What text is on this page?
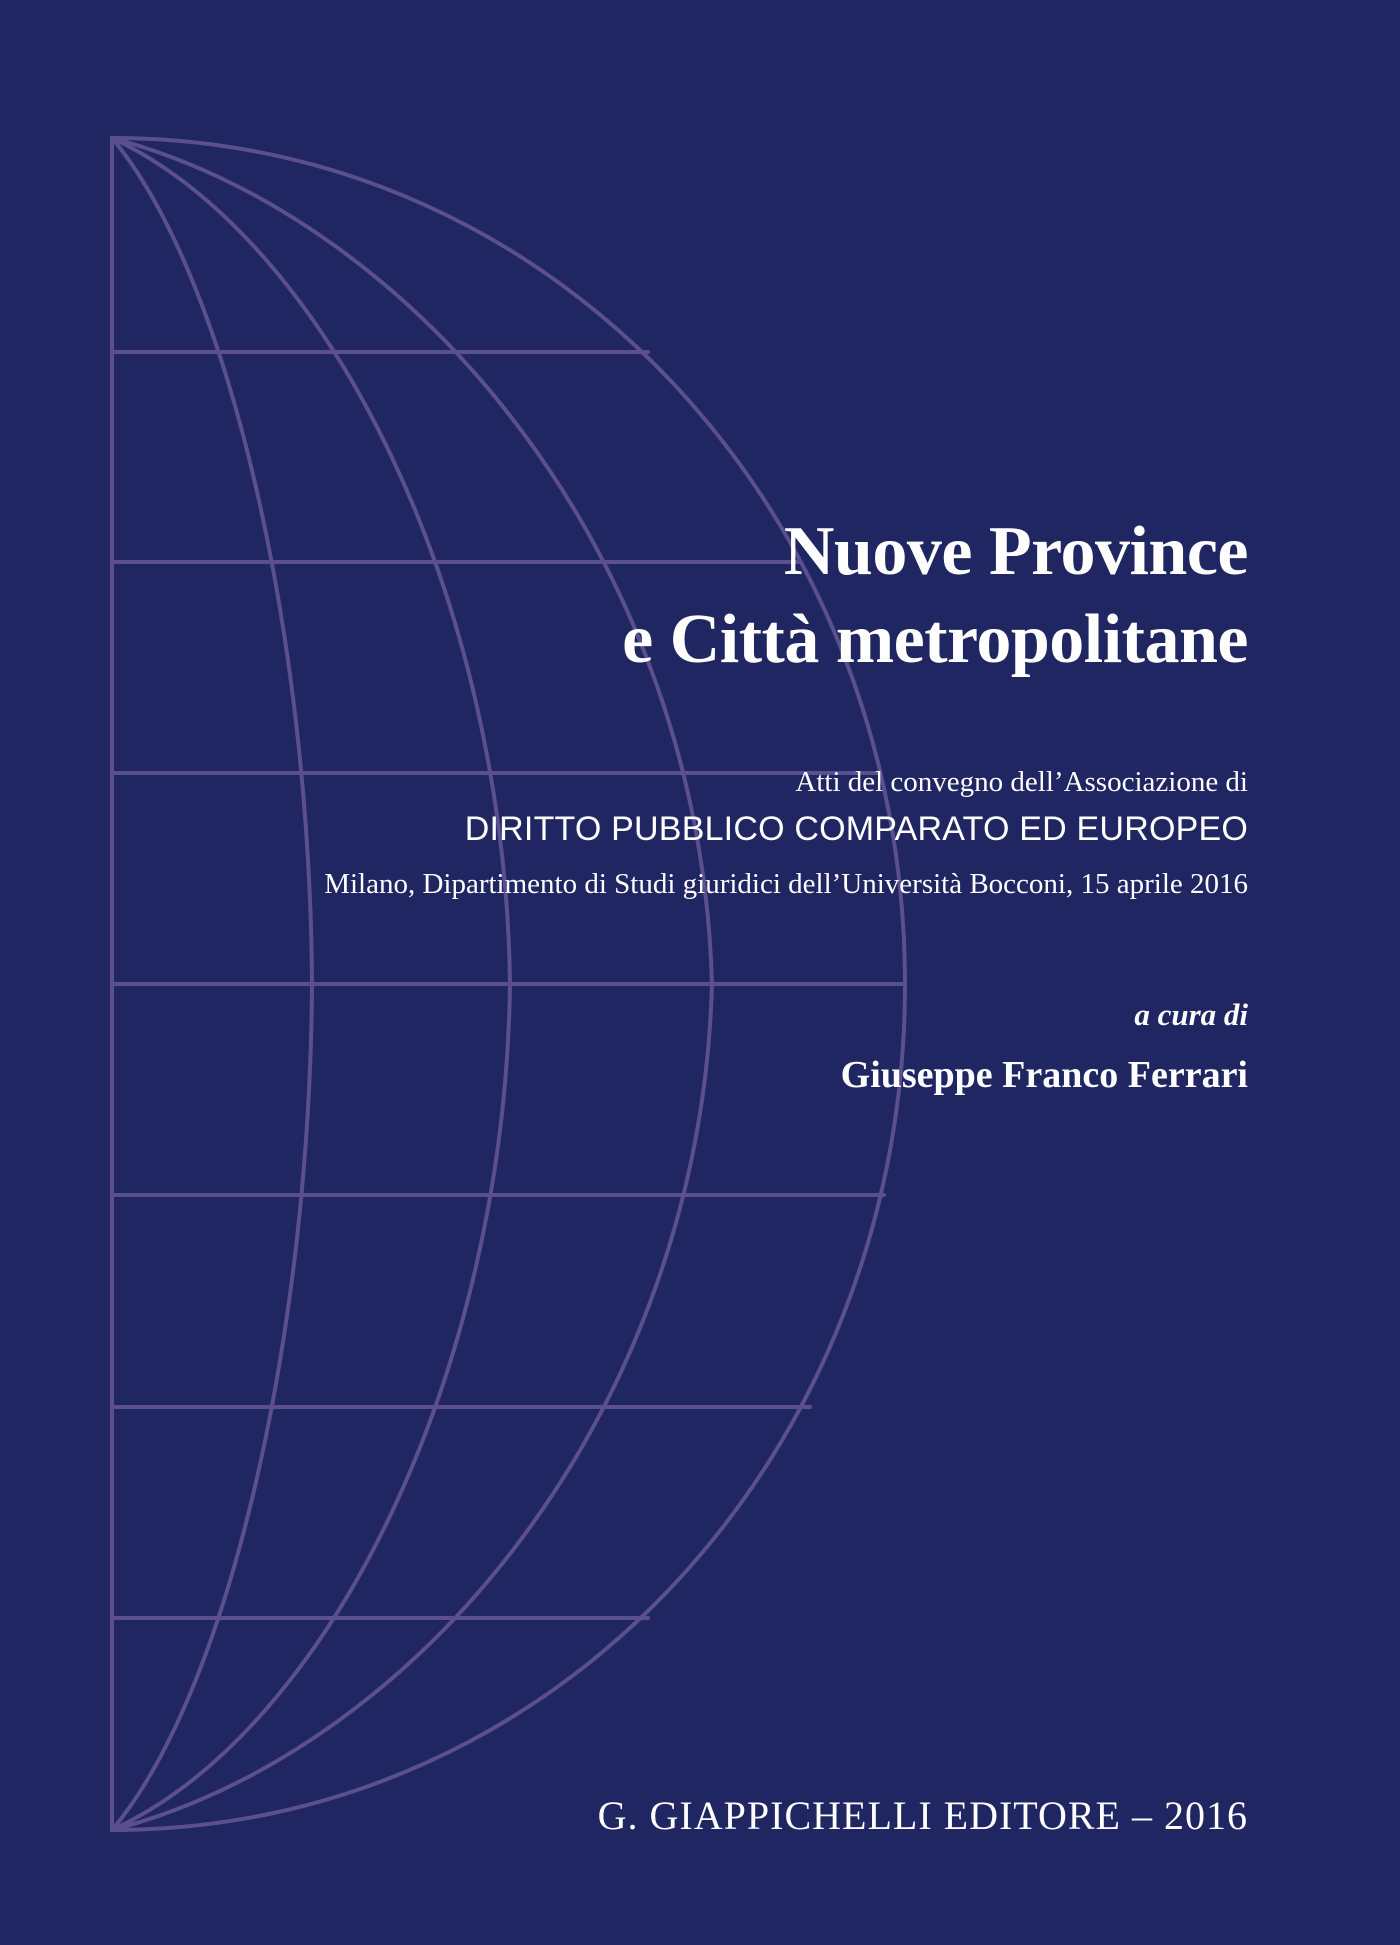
Nuove Province
e Città metropolitane
Atti del convegno dell’Associazione di
DIRITTO PUBBLICO COMPARATO ED EUROPEO
Milano, Dipartimento di Studi giuridici dell’Università Bocconi, 15 aprile 2016
a cura di
Giuseppe Franco Ferrari
G. GIAPPICHELLI EDITORE – 2016
